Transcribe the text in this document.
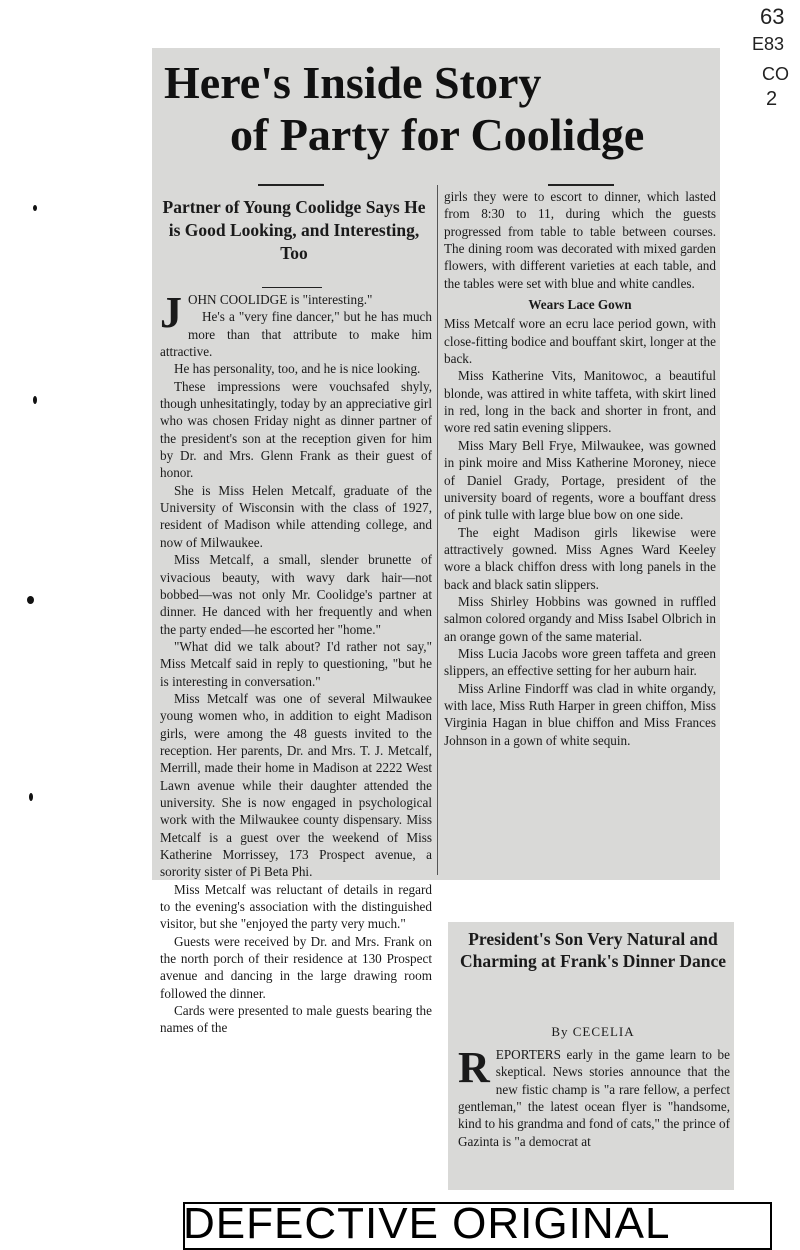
63
E83
CO
2
Here's Inside Story
of Party for Coolidge
Partner of Young Coolidge Says He is Good Looking, and Interesting, Too
J OHN COOLIDGE is "interesting."

He's a "very fine dancer," but he has much more than that attribute to make him attractive.

He has personality, too, and he is nice looking.

These impressions were vouchsafed shyly, though unhesitatingly, today by an appreciative girl who was chosen Friday night as dinner partner of the president's son at the reception given for him by Dr. and Mrs. Glenn Frank as their guest of honor.

She is Miss Helen Metcalf, graduate of the University of Wisconsin with the class of 1927, resident of Madison while attending college, and now of Milwaukee.

Miss Metcalf, a small, slender brunette of vivacious beauty, with wavy dark hair—not bobbed—was not only Mr. Coolidge's partner at dinner. He danced with her frequently and when the party ended—he escorted her "home."

"What did we talk about? I'd rather not say," Miss Metcalf said in reply to questioning, "but he is interesting in conversation."

Miss Metcalf was one of several Milwaukee young women who, in addition to eight Madison girls, were among the 48 guests invited to the reception. Her parents, Dr. and Mrs. T. J. Metcalf, Merrill, made their home in Madison at 2222 West Lawn avenue while their daughter attended the university. She is now engaged in psychological work with the Milwaukee county dispensary. Miss Metcalf is a guest over the weekend of Miss Katherine Morrissey, 173 Prospect avenue, a sorority sister of Pi Beta Phi.

Miss Metcalf was reluctant of details in regard to the evening's association with the distinguished visitor, but she "enjoyed the party very much."

Guests were received by Dr. and Mrs. Frank on the north porch of their residence at 130 Prospect avenue and dancing in the large drawing room followed the dinner.

Cards were presented to male guests bearing the names of the

girls they were to escort to dinner, which lasted from 8:30 to 11, during which the guests progressed from table to table between courses. The dining room was decorated with mixed garden flowers, with different varieties at each table, and the tables were set with blue and white candles.

Wears Lace Gown

Miss Metcalf wore an ecru lace period gown, with close-fitting bodice and bouffant skirt, longer at the back.

Miss Katherine Vits, Manitowoc, a beautiful blonde, was attired in white taffeta, with skirt lined in red, long in the back and shorter in front, and wore red satin evening slippers.

Miss Mary Bell Frye, Milwaukee, was gowned in pink moire and Miss Katherine Moroney, niece of Daniel Grady, Portage, president of the university board of regents, wore a bouffant dress of pink tulle with large blue bow on one side.

The eight Madison girls likewise were attractively gowned. Miss Agnes Ward Keeley wore a black chiffon dress with long panels in the back and black satin slippers.

Miss Shirley Hobbins was gowned in ruffled salmon colored organdy and Miss Isabel Olbrich in an orange gown of the same material.

Miss Lucia Jacobs wore green taffeta and green slippers, an effective setting for her auburn hair.

Miss Arline Findorff was clad in white organdy, with lace, Miss Ruth Harper in green chiffon, Miss Virginia Hagan in blue chiffon and Miss Frances Johnson in a gown of white sequin.

President's Son Very Natural and Charming at Frank's Dinner Dance
By CECELIA
R EPORTERS early in the game learn to be skeptical. News stories announce that the new fistic champ is "a rare fellow, a perfect gentleman," the latest ocean flyer is "handsome, kind to his grandma and fond of cats," the prince of Gazinta is "a democrat at

DEFECTIVE ORIGINAL
